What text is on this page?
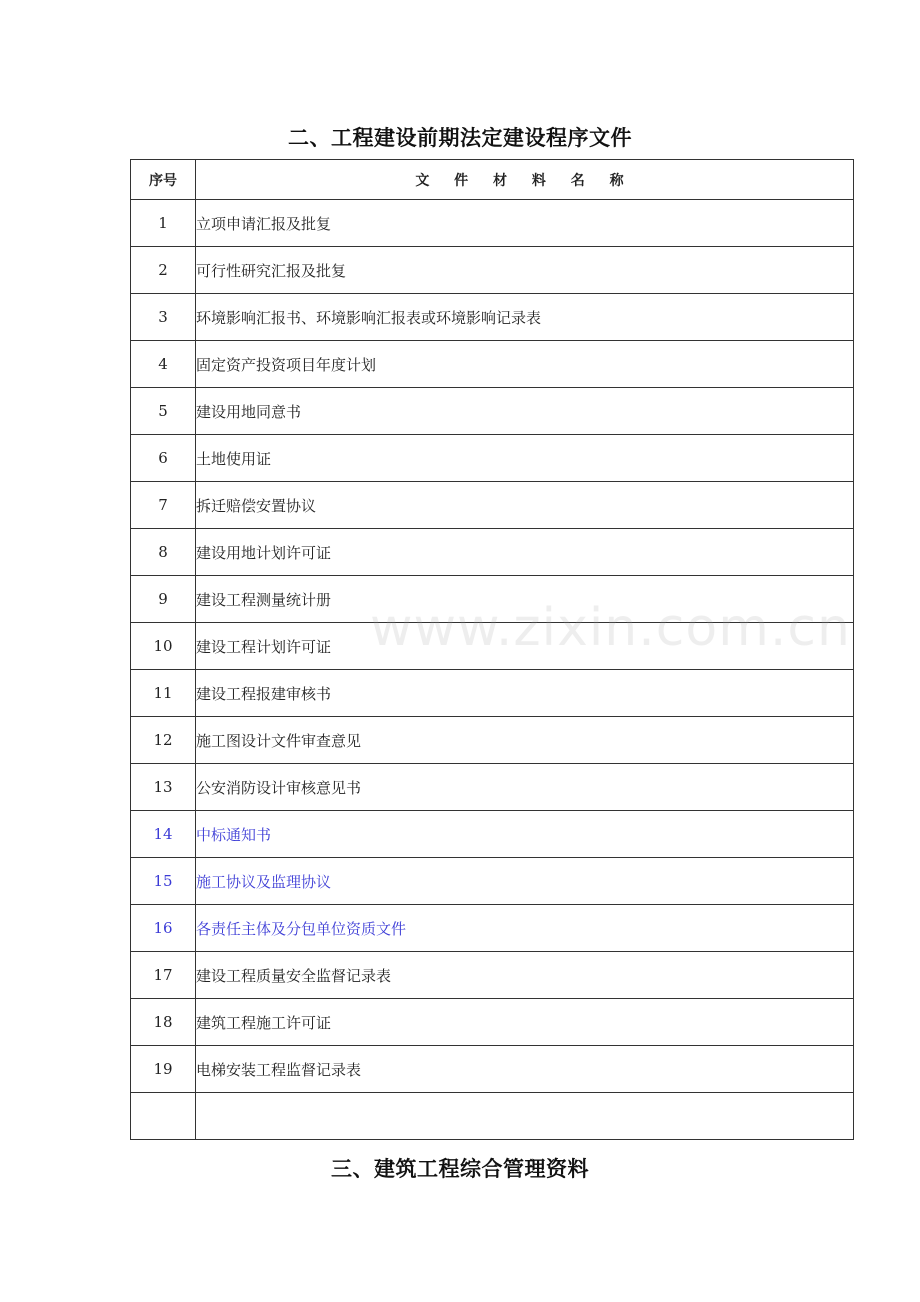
二、工程建设前期法定建设程序文件
序号	文 件 材 料 名 称
1	立项申请汇报及批复
2	可行性研究汇报及批复
3	环境影响汇报书、环境影响汇报表或环境影响记录表
4	固定资产投资项目年度计划
5	建设用地同意书
6	土地使用证
7	拆迁赔偿安置协议
8	建设用地计划许可证
9	建设工程测量统计册
10	建设工程计划许可证
11	建设工程报建审核书
12	施工图设计文件审查意见
13	公安消防设计审核意见书
14	中标通知书
15	施工协议及监理协议
16	各责任主体及分包单位资质文件
17	建设工程质量安全监督记录表
18	建筑工程施工许可证
19	电梯安装工程监督记录表

www.zixin.com.cn
三、建筑工程综合管理资料
